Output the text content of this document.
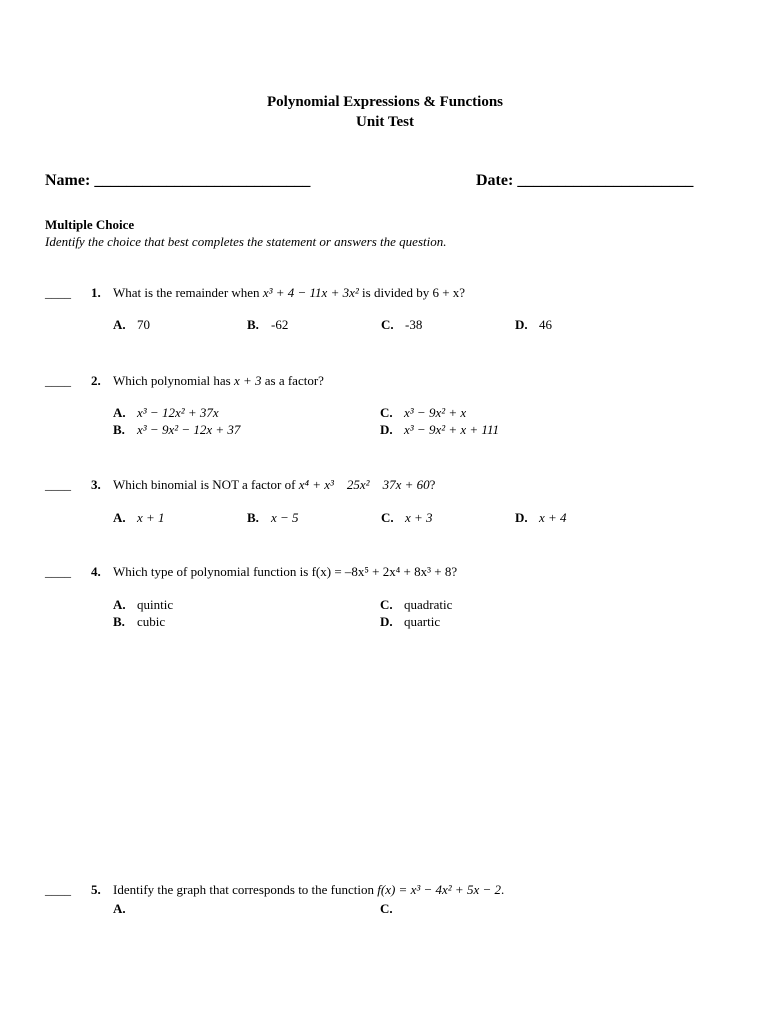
Polynomial Expressions & Functions
Unit Test
Name: ___________________________	Date: ______________________
Multiple Choice
Identify the choice that best completes the statement or answers the question.
____ 1. What is the remainder when x³ + 4 − 11x + 3x² is divided by 6 + x?
A. 70	B. -62	C. -38	D. 46
____ 2. Which polynomial has x + 3 as a factor?
A. x³ − 12x² + 37x
B. x³ − 9x² − 12x + 37
C. x³ − 9x² + x
D. x³ − 9x² + x + 111
____ 3. Which binomial is NOT a factor of x⁴ + x³    25x²    37x + 60?
A. x + 1	B. x − 5	C. x + 3	D. x + 4
____ 4. Which type of polynomial function is f(x) = –8x⁵ + 2x⁴ + 8x³ + 8?
A. quintic
B. cubic
C. quadratic
D. quartic
____ 5. Identify the graph that corresponds to the function f(x) = x³ − 4x² + 5x − 2.
A.	C.
